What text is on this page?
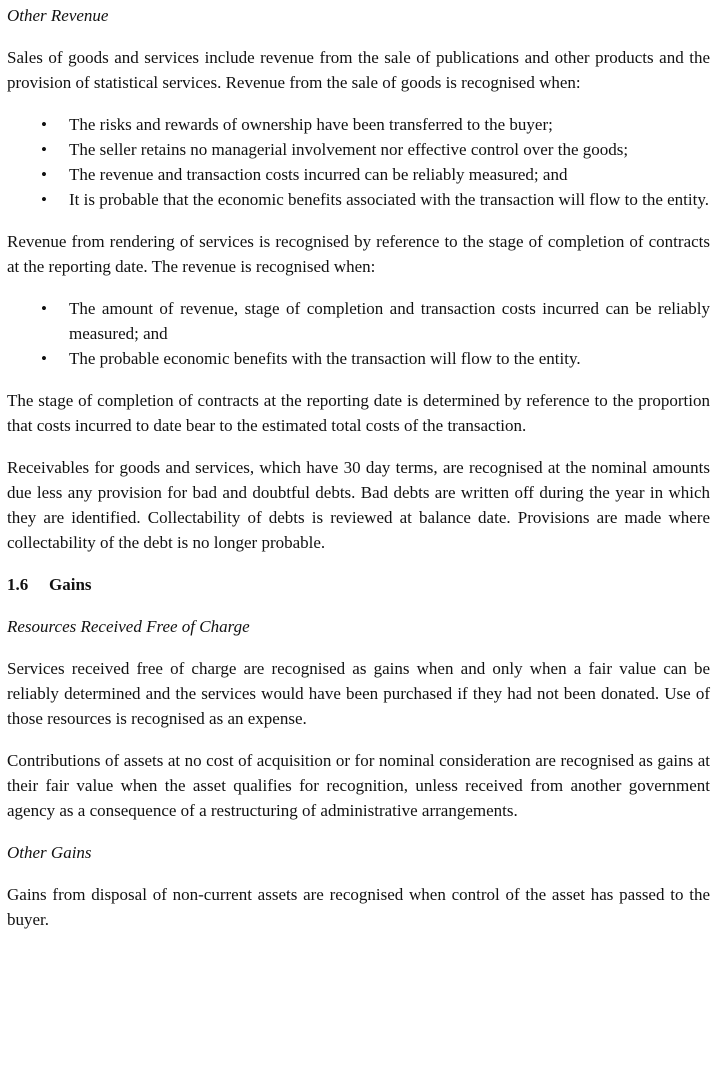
Other Revenue

Sales of goods and services include revenue from the sale of publications and other products and the provision of statistical services. Revenue from the sale of goods is recognised when:

• The risks and rewards of ownership have been transferred to the buyer;
• The seller retains no managerial involvement nor effective control over the goods;
• The revenue and transaction costs incurred can be reliably measured; and
• It is probable that the economic benefits associated with the transaction will flow to the entity.

Revenue from rendering of services is recognised by reference to the stage of completion of contracts at the reporting date. The revenue is recognised when:

• The amount of revenue, stage of completion and transaction costs incurred can be reliably measured; and
• The probable economic benefits with the transaction will flow to the entity.

The stage of completion of contracts at the reporting date is determined by reference to the proportion that costs incurred to date bear to the estimated total costs of the transaction.

Receivables for goods and services, which have 30 day terms, are recognised at the nominal amounts due less any provision for bad and doubtful debts. Bad debts are written off during the year in which they are identified. Collectability of debts is reviewed at balance date. Provisions are made where collectability of the debt is no longer probable.

1.6 Gains
Resources Received Free of Charge

Services received free of charge are recognised as gains when and only when a fair value can be reliably determined and the services would have been purchased if they had not been donated. Use of those resources is recognised as an expense.

Contributions of assets at no cost of acquisition or for nominal consideration are recognised as gains at their fair value when the asset qualifies for recognition, unless received from another government agency as a consequence of a restructuring of administrative arrangements.

Other Gains

Gains from disposal of non-current assets are recognised when control of the asset has passed to the buyer.
